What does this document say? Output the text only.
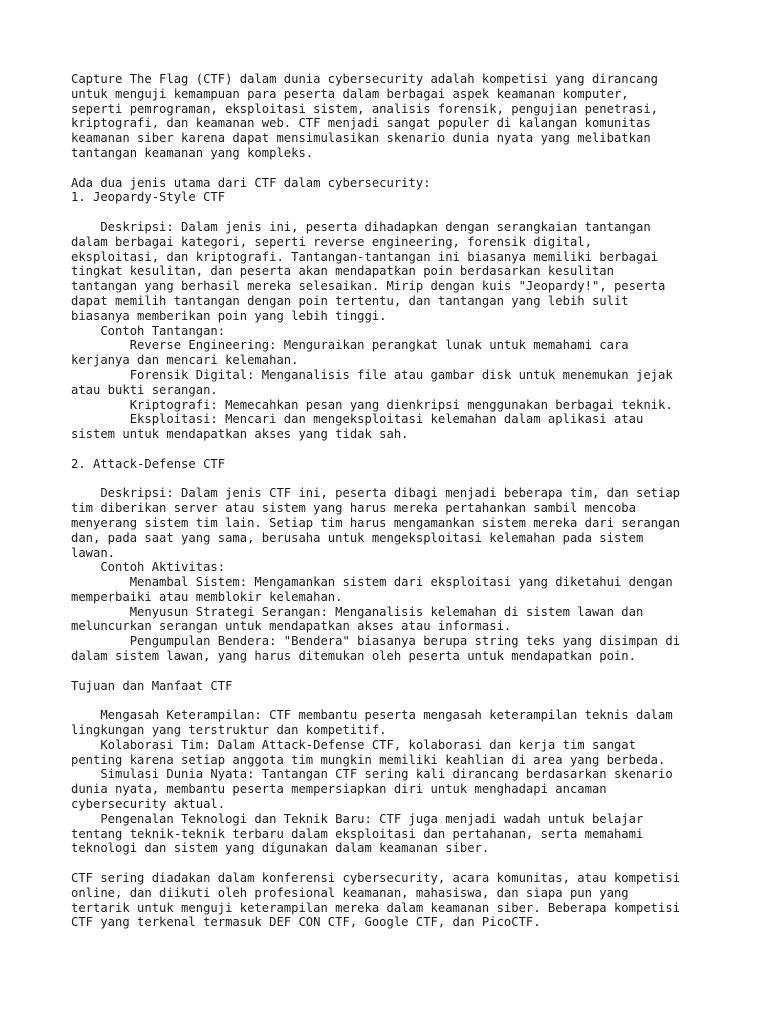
Capture The Flag (CTF) dalam dunia cybersecurity adalah kompetisi yang dirancang
untuk menguji kemampuan para peserta dalam berbagai aspek keamanan komputer,
seperti pemrograman, eksploitasi sistem, analisis forensik, pengujian penetrasi,
kriptografi, dan keamanan web. CTF menjadi sangat populer di kalangan komunitas
keamanan siber karena dapat mensimulasikan skenario dunia nyata yang melibatkan
tantangan keamanan yang kompleks.

Ada dua jenis utama dari CTF dalam cybersecurity:
1. Jeopardy-Style CTF

Deskripsi: Dalam jenis ini, peserta dihadapkan dengan serangkaian tantangan
dalam berbagai kategori, seperti reverse engineering, forensik digital,
eksploitasi, dan kriptografi. Tantangan-tantangan ini biasanya memiliki berbagai
tingkat kesulitan, dan peserta akan mendapatkan poin berdasarkan kesulitan
tantangan yang berhasil mereka selesaikan. Mirip dengan kuis "Jeopardy!", peserta
dapat memilih tantangan dengan poin tertentu, dan tantangan yang lebih sulit
biasanya memberikan poin yang lebih tinggi.
Contoh Tantangan:
Reverse Engineering: Menguraikan perangkat lunak untuk memahami cara
kerjanya dan mencari kelemahan.
Forensik Digital: Menganalisis file atau gambar disk untuk menemukan jejak
atau bukti serangan.
Kriptografi: Memecahkan pesan yang dienkripsi menggunakan berbagai teknik.
Eksploitasi: Mencari dan mengeksploitasi kelemahan dalam aplikasi atau
sistem untuk mendapatkan akses yang tidak sah.

2. Attack-Defense CTF

Deskripsi: Dalam jenis CTF ini, peserta dibagi menjadi beberapa tim, dan setiap
tim diberikan server atau sistem yang harus mereka pertahankan sambil mencoba
menyerang sistem tim lain. Setiap tim harus mengamankan sistem mereka dari serangan
dan, pada saat yang sama, berusaha untuk mengeksploitasi kelemahan pada sistem
lawan.
Contoh Aktivitas:
Menambal Sistem: Mengamankan sistem dari eksploitasi yang diketahui dengan
memperbaiki atau memblokir kelemahan.
Menyusun Strategi Serangan: Menganalisis kelemahan di sistem lawan dan
meluncurkan serangan untuk mendapatkan akses atau informasi.
Pengumpulan Bendera: "Bendera" biasanya berupa string teks yang disimpan di
dalam sistem lawan, yang harus ditemukan oleh peserta untuk mendapatkan poin.

Tujuan dan Manfaat CTF

Mengasah Keterampilan: CTF membantu peserta mengasah keterampilan teknis dalam
lingkungan yang terstruktur dan kompetitif.
Kolaborasi Tim: Dalam Attack-Defense CTF, kolaborasi dan kerja tim sangat
penting karena setiap anggota tim mungkin memiliki keahlian di area yang berbeda.
Simulasi Dunia Nyata: Tantangan CTF sering kali dirancang berdasarkan skenario
dunia nyata, membantu peserta mempersiapkan diri untuk menghadapi ancaman
cybersecurity aktual.
Pengenalan Teknologi dan Teknik Baru: CTF juga menjadi wadah untuk belajar
tentang teknik-teknik terbaru dalam eksploitasi dan pertahanan, serta memahami
teknologi dan sistem yang digunakan dalam keamanan siber.

CTF sering diadakan dalam konferensi cybersecurity, acara komunitas, atau kompetisi
online, dan diikuti oleh profesional keamanan, mahasiswa, dan siapa pun yang
tertarik untuk menguji keterampilan mereka dalam keamanan siber. Beberapa kompetisi
CTF yang terkenal termasuk DEF CON CTF, Google CTF, dan PicoCTF.
